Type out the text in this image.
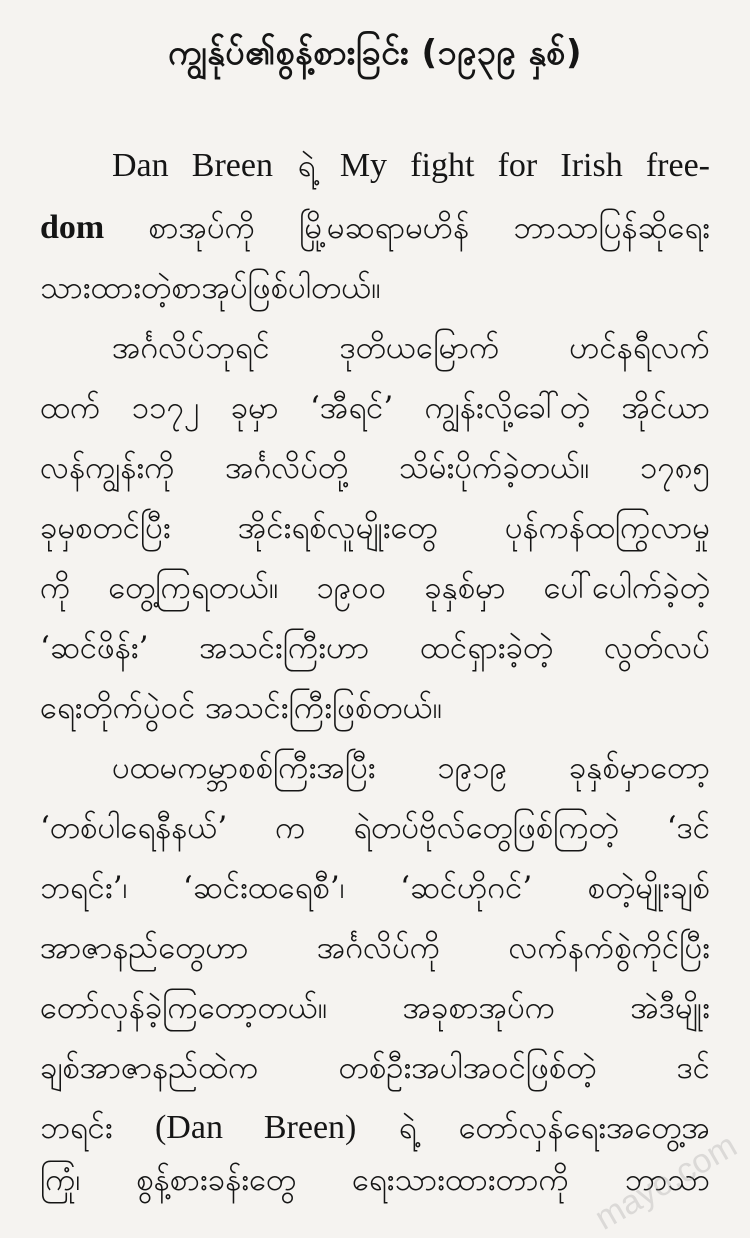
ကျွန်ုပ်၏စွန့်စားခြင်း (၁၉၃၉ နှစ်)
Dan Breen ရဲ့ My fight for Irish free-
dom စာအုပ်ကို မြို့မဆရာမဟိန် ဘာသာပြန်ဆိုရေး
သားထားတဲ့စာအုပ်ဖြစ်ပါတယ်။
အင်္ဂလိပ်ဘုရင် ဒုတိယမြောက် ဟင်နရီလက်
ထက် ၁၁၇၂ ခုမှာ ‘အီရင်’ ကျွန်းလို့ခေါ်တဲ့ အိုင်ယာ
လန်ကျွန်းကို အင်္ဂလိပ်တို့ သိမ်းပိုက်ခဲ့တယ်။ ၁၇၈၅
ခုမှစတင်ပြီး အိုင်းရစ်လူမျိုးတွေ ပုန်ကန်ထကြွလာမှု
ကို တွေ့ကြရတယ်။ ၁၉၀၀ ခုနှစ်မှာ ပေါ်ပေါက်ခဲ့တဲ့
‘ဆင်ဖိန်း’ အသင်းကြီးဟာ ထင်ရှားခဲ့တဲ့ လွတ်လပ်
ရေးတိုက်ပွဲဝင် အသင်းကြီးဖြစ်တယ်။
ပထမကမ္ဘာစစ်ကြီးအပြီး ၁၉၁၉ ခုနှစ်မှာတော့
‘တစ်ပါရေနီနယ်’ က ရဲတပ်ဗိုလ်တွေဖြစ်ကြတဲ့ ‘ဒင်
ဘရင်း’၊ ‘ဆင်းထရေစီ’၊ ‘ဆင်ဟိုဂင်’ စတဲ့မျိုးချစ်
အာဇာနည်တွေဟာ အင်္ဂလိပ်ကို လက်နက်စွဲကိုင်ပြီး
တော်လှန်ခဲ့ကြတော့တယ်။ အခုစာအုပ်က အဲဒီမျိုး
ချစ်အာဇာနည်ထဲက တစ်ဦးအပါအဝင်ဖြစ်တဲ့ ဒင်
ဘရင်း (Dan Breen) ရဲ့ တော်လှန်ရေးအတွေ့အ
ကြုံ၊ စွန့်စားခန်းတွေ ရေးသားထားတာကို ဘာသာ
mayo.com
